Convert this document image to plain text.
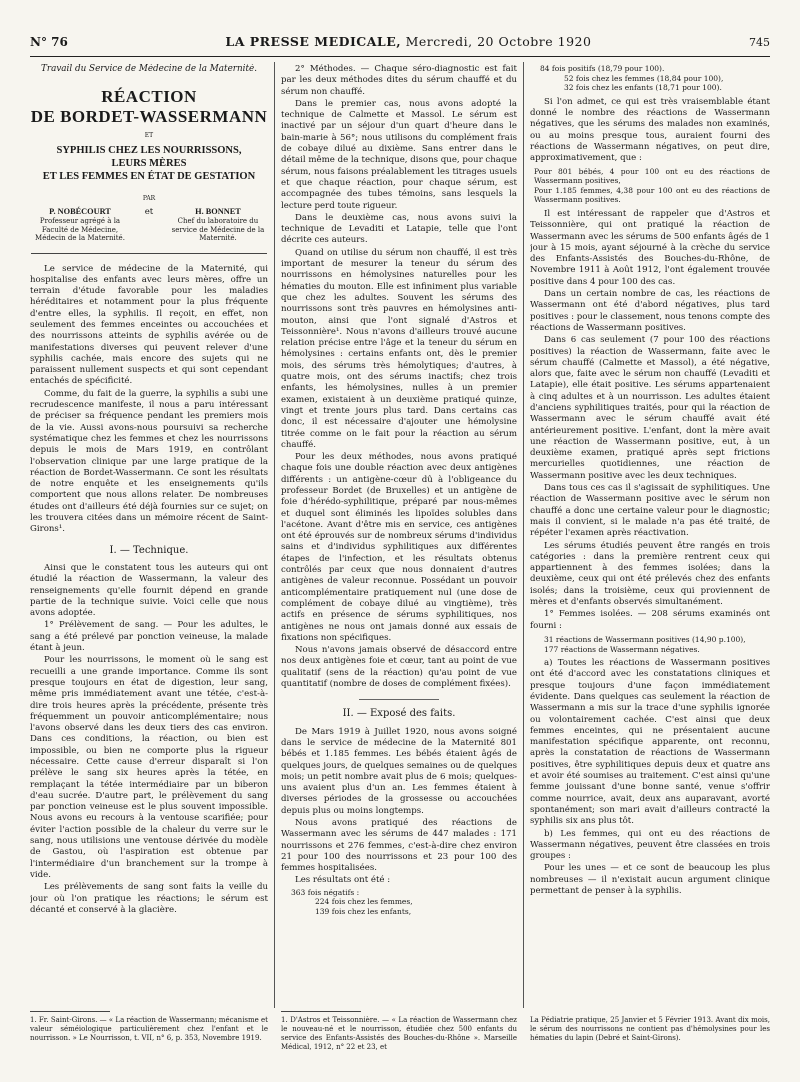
N° 76	LA PRESSE MEDICALE, Mercredi, 20 Octobre 1920	745
Travail du Service de Médecine de la Maternité.
RÉACTION
DE BORDET-WASSERMANN
ET
SYPHILIS CHEZ LES NOURRISSONS,
LEURS MÈRES
ET LES FEMMES EN ÉTAT DE GESTATION
PAR
P. NOBÉCOURT
Professeur agrégé à la Faculté de Médecine, Médecin de la Maternité.
et	H. BONNET
Chef du laboratoire du service de Médecine de la Maternité.

Le service de médecine de la Maternité, qui hospitalise des enfants avec leurs mères, offre un terrain d'étude favorable pour les maladies héréditaires et notamment pour la plus fréquente d'entre elles, la syphilis. Il reçoit, en effet, non seulement des femmes enceintes ou accouchées et des nourrissons atteints de syphilis avérée ou de manifestations diverses qui peuvent relever d'une syphilis cachée, mais encore des sujets qui ne paraissent nullement suspects et qui sont cependant entachés de spécificité.

Comme, du fait de la guerre, la syphilis a subi une recrudescence manifeste, il nous a paru intéressant de préciser sa fréquence pendant les premiers mois de la vie. Aussi avons-nous poursuivi sa recherche systématique chez les femmes et chez les nourrissons depuis le mois de Mars 1919, en contrôlant l'observation clinique par une large pratique de la réaction de Bordet-Wassermann. Ce sont les résultats de notre enquête et les enseignements qu'ils comportent que nous allons relater. De nombreuses études ont d'ailleurs été déjà fournies sur ce sujet; on les trouvera citées dans un mémoire récent de Saint-Girons¹.

I. — Technique.

Ainsi que le constatent tous les auteurs qui ont étudié la réaction de Wassermann, la valeur des renseignements qu'elle fournit dépend en grande partie de la technique suivie. Voici celle que nous avons adoptée.

1° Prélèvement de sang. — Pour les adultes, le sang a été prélevé par ponction veineuse, la malade étant à jeun.

Pour les nourrissons, le moment où le sang est recueilli a une grande importance. Comme ils sont presque toujours en état de digestion, leur sang, même pris immédiatement avant une tétée, c'est-à-dire trois heures après la précédente, présente très fréquemment un pouvoir anticomplémentaire; nous l'avons observé dans les deux tiers des cas environ. Dans ces conditions, la réaction, ou bien est impossible, ou bien ne comporte plus la rigueur nécessaire. Cette cause d'erreur disparaît si l'on prélève le sang six heures après la tétée, en remplaçant la tétée intermédiaire par un biberon d'eau sucrée. D'autre part, le prélèvement du sang par ponction veineuse est le plus souvent impossible. Nous avons eu recours à la ventouse scarifiée; pour éviter l'action possible de la chaleur du verre sur le sang, nous utilisions une ventouse dérivée du modèle de Gastou, où l'aspiration est obtenue par l'intermédiaire d'un branchement sur la trompe à vide.

Les prélèvements de sang sont faits la veille du jour où l'on pratique les réactions; le sérum est décanté et conservé à la glacière.

2° Méthodes. — Chaque séro-diagnostic est fait par les deux méthodes dites du sérum chauffé et du sérum non chauffé.

Dans le premier cas, nous avons adopté la technique de Calmette et Massol. Le sérum est inactivé par un séjour d'un quart d'heure dans le bain-marie à 56°; nous utilisons du complément frais de cobaye dilué au dixième. Sans entrer dans le détail même de la technique, disons que, pour chaque sérum, nous faisons préalablement les titrages usuels et que chaque réaction, pour chaque sérum, est accompagnée des tubes témoins, sans lesquels la lecture perd toute rigueur.

Dans le deuxième cas, nous avons suivi la technique de Levaditi et Latapie, telle que l'ont décrite ces auteurs.

Quand on utilise du sérum non chauffé, il est très important de mesurer la teneur du sérum des nourrissons en hémolysines naturelles pour les hématies du mouton. Elle est infiniment plus variable que chez les adultes. Souvent les sérums des nourrissons sont très pauvres en hémolysines anti-mouton, ainsi que l'ont signalé d'Astros et Teissonnière¹. Nous n'avons d'ailleurs trouvé aucune relation précise entre l'âge et la teneur du sérum en hémolysines : certains enfants ont, dès le premier mois, des sérums très hémolytiques; d'autres, à quatre mois, ont des sérums inactifs; chez trois enfants, les hémolysines, nulles à un premier examen, existaient à un deuxième pratiqué quinze, vingt et trente jours plus tard. Dans certains cas donc, il est nécessaire d'ajouter une hémolysine titrée comme on le fait pour la réaction au sérum chauffé.

Pour les deux méthodes, nous avons pratiqué chaque fois une double réaction avec deux antigènes différents : un antigène-cœur dû à l'obligeance du professeur Bordet (de Bruxelles) et un antigène de foie d'hérédo-syphilitique, préparé par nous-mêmes et duquel sont éliminés les lipoïdes solubles dans l'acétone. Avant d'être mis en service, ces antigènes ont été éprouvés sur de nombreux sérums d'individus sains et d'individus syphilitiques aux différentes étapes de l'infection, et les résultats obtenus contrôlés par ceux que nous donnaient d'autres antigènes de valeur reconnue. Possédant un pouvoir anticomplémentaire pratiquement nul (une dose de complément de cobaye dilué au vingtième), très actifs en présence de sérums syphilitiques, nos antigènes ne nous ont jamais donné aux essais de fixations non spécifiques.

Nous n'avons jamais observé de désaccord entre nos deux antigènes foie et cœur, tant au point de vue qualitatif (sens de la réaction) qu'au point de vue quantitatif (nombre de doses de complément fixées).

II. — Exposé des faits.

De Mars 1919 à Juillet 1920, nous avons soigné dans le service de médecine de la Maternité 801 bébés et 1.185 femmes. Les bébés étaient âgés de quelques jours, de quelques semaines ou de quelques mois; un petit nombre avait plus de 6 mois; quelques-uns avaient plus d'un an. Les femmes étaient à diverses périodes de la grossesse ou accouchées depuis plus ou moins longtemps.

Nous avons pratiqué des réactions de Wassermann avec les sérums de 447 malades : 171 nourrissons et 276 femmes, c'est-à-dire chez environ 21 pour 100 des nourrissons et 23 pour 100 des femmes hospitalisées.

Les résultats ont été :

363 fois négatifs :
224 fois chez les femmes,
139 fois chez les enfants,
84 fois positifs (18,79 pour 100).
52 fois chez les femmes (18,84 pour 100),
32 fois chez les enfants (18,71 pour 100).

Si l'on admet, ce qui est très vraisemblable étant donné le nombre des réactions de Wassermann négatives, que les sérums des malades non examinés, ou au moins presque tous, auraient fourni des réactions de Wassermann négatives, on peut dire, approximativement, que :

Pour 801 bébés, 4 pour 100 ont eu des réactions de Wassermann positives,
Pour 1.185 femmes, 4,38 pour 100 ont eu des réactions de Wassermann positives.

Il est intéressant de rappeler que d'Astros et Teissonnière, qui ont pratiqué la réaction de Wassermann avec les sérums de 500 enfants âgés de 1 jour à 15 mois, ayant séjourné à la crèche du service des Enfants-Assistés des Bouches-du-Rhône, de Novembre 1911 à Août 1912, l'ont également trouvée positive dans 4 pour 100 des cas.

Dans un certain nombre de cas, les réactions de Wassermann ont été d'abord négatives, plus tard positives : pour le classement, nous tenons compte des réactions de Wassermann positives.

Dans 6 cas seulement (7 pour 100 des réactions positives) la réaction de Wassermann, faite avec le sérum chauffé (Calmette et Massol), a été négative, alors que, faite avec le sérum non chauffé (Levaditi et Latapie), elle était positive. Les sérums appartenaient à cinq adultes et à un nourrisson. Les adultes étaient d'anciens syphilitiques traités, pour qui la réaction de Wassermann avec le sérum chauffé avait été antérieurement positive. L'enfant, dont la mère avait une réaction de Wassermann positive, eut, à un deuxième examen, pratiqué après sept frictions mercurielles quotidiennes, une réaction de Wassermann positive avec les deux techniques.

Dans tous ces cas il s'agissait de syphilitiques. Une réaction de Wassermann positive avec le sérum non chauffé a donc une certaine valeur pour le diagnostic; mais il convient, si le malade n'a pas été traité, de répéter l'examen après réactivation.

Les sérums étudiés peuvent être rangés en trois catégories : dans la première rentrent ceux qui appartiennent à des femmes isolées; dans la deuxième, ceux qui ont été prélevés chez des enfants isolés; dans la troisième, ceux qui proviennent de mères et d'enfants observés simultanément.

1° Femmes isolées. — 208 sérums examinés ont fourni :

31 réactions de Wassermann positives (14,90 p.100),
177 réactions de Wassermann négatives.

a) Toutes les réactions de Wassermann positives ont été d'accord avec les constatations cliniques et presque toujours d'une façon immédiatement évidente. Dans quelques cas seulement la réaction de Wassermann a mis sur la trace d'une syphilis ignorée ou volontairement cachée. C'est ainsi que deux femmes enceintes, qui ne présentaient aucune manifestation spécifique apparente, ont reconnu, après la constatation de réactions de Wassermann positives, être syphilitiques depuis deux et quatre ans et avoir été soumises au traitement. C'est ainsi qu'une femme jouissant d'une bonne santé, venue s'offrir comme nourrice, avait, deux ans auparavant, avorté spontanément; son mari avait d'ailleurs contracté la syphilis six ans plus tôt.

b) Les femmes, qui ont eu des réactions de Wassermann négatives, peuvent être classées en trois groupes :

Pour les unes — et ce sont de beaucoup les plus nombreuses — il n'existait aucun argument clinique permettant de penser à la syphilis.

1. Fr. Saint-Girons. — « La réaction de Wassermann; mécanisme et valeur séméiologique particulièrement chez l'enfant et le nourrisson. » Le Nourrisson, t. VII, n° 6, p. 353, Novembre 1919.
1. D'Astros et Teissonnière. — « La réaction de Wassermann chez le nouveau-né et le nourrisson, étudiée chez 500 enfants du service des Enfants-Assistés des Bouches-du-Rhône ». Marseille Médical, 1912, n° 22 et 23, et
La Pédiatrie pratique, 25 Janvier et 5 Février 1913. Avant dix mois, le sérum des nourrissons ne contient pas d'hémolysines pour les hématies du lapin (Debré et Saint-Girons).
